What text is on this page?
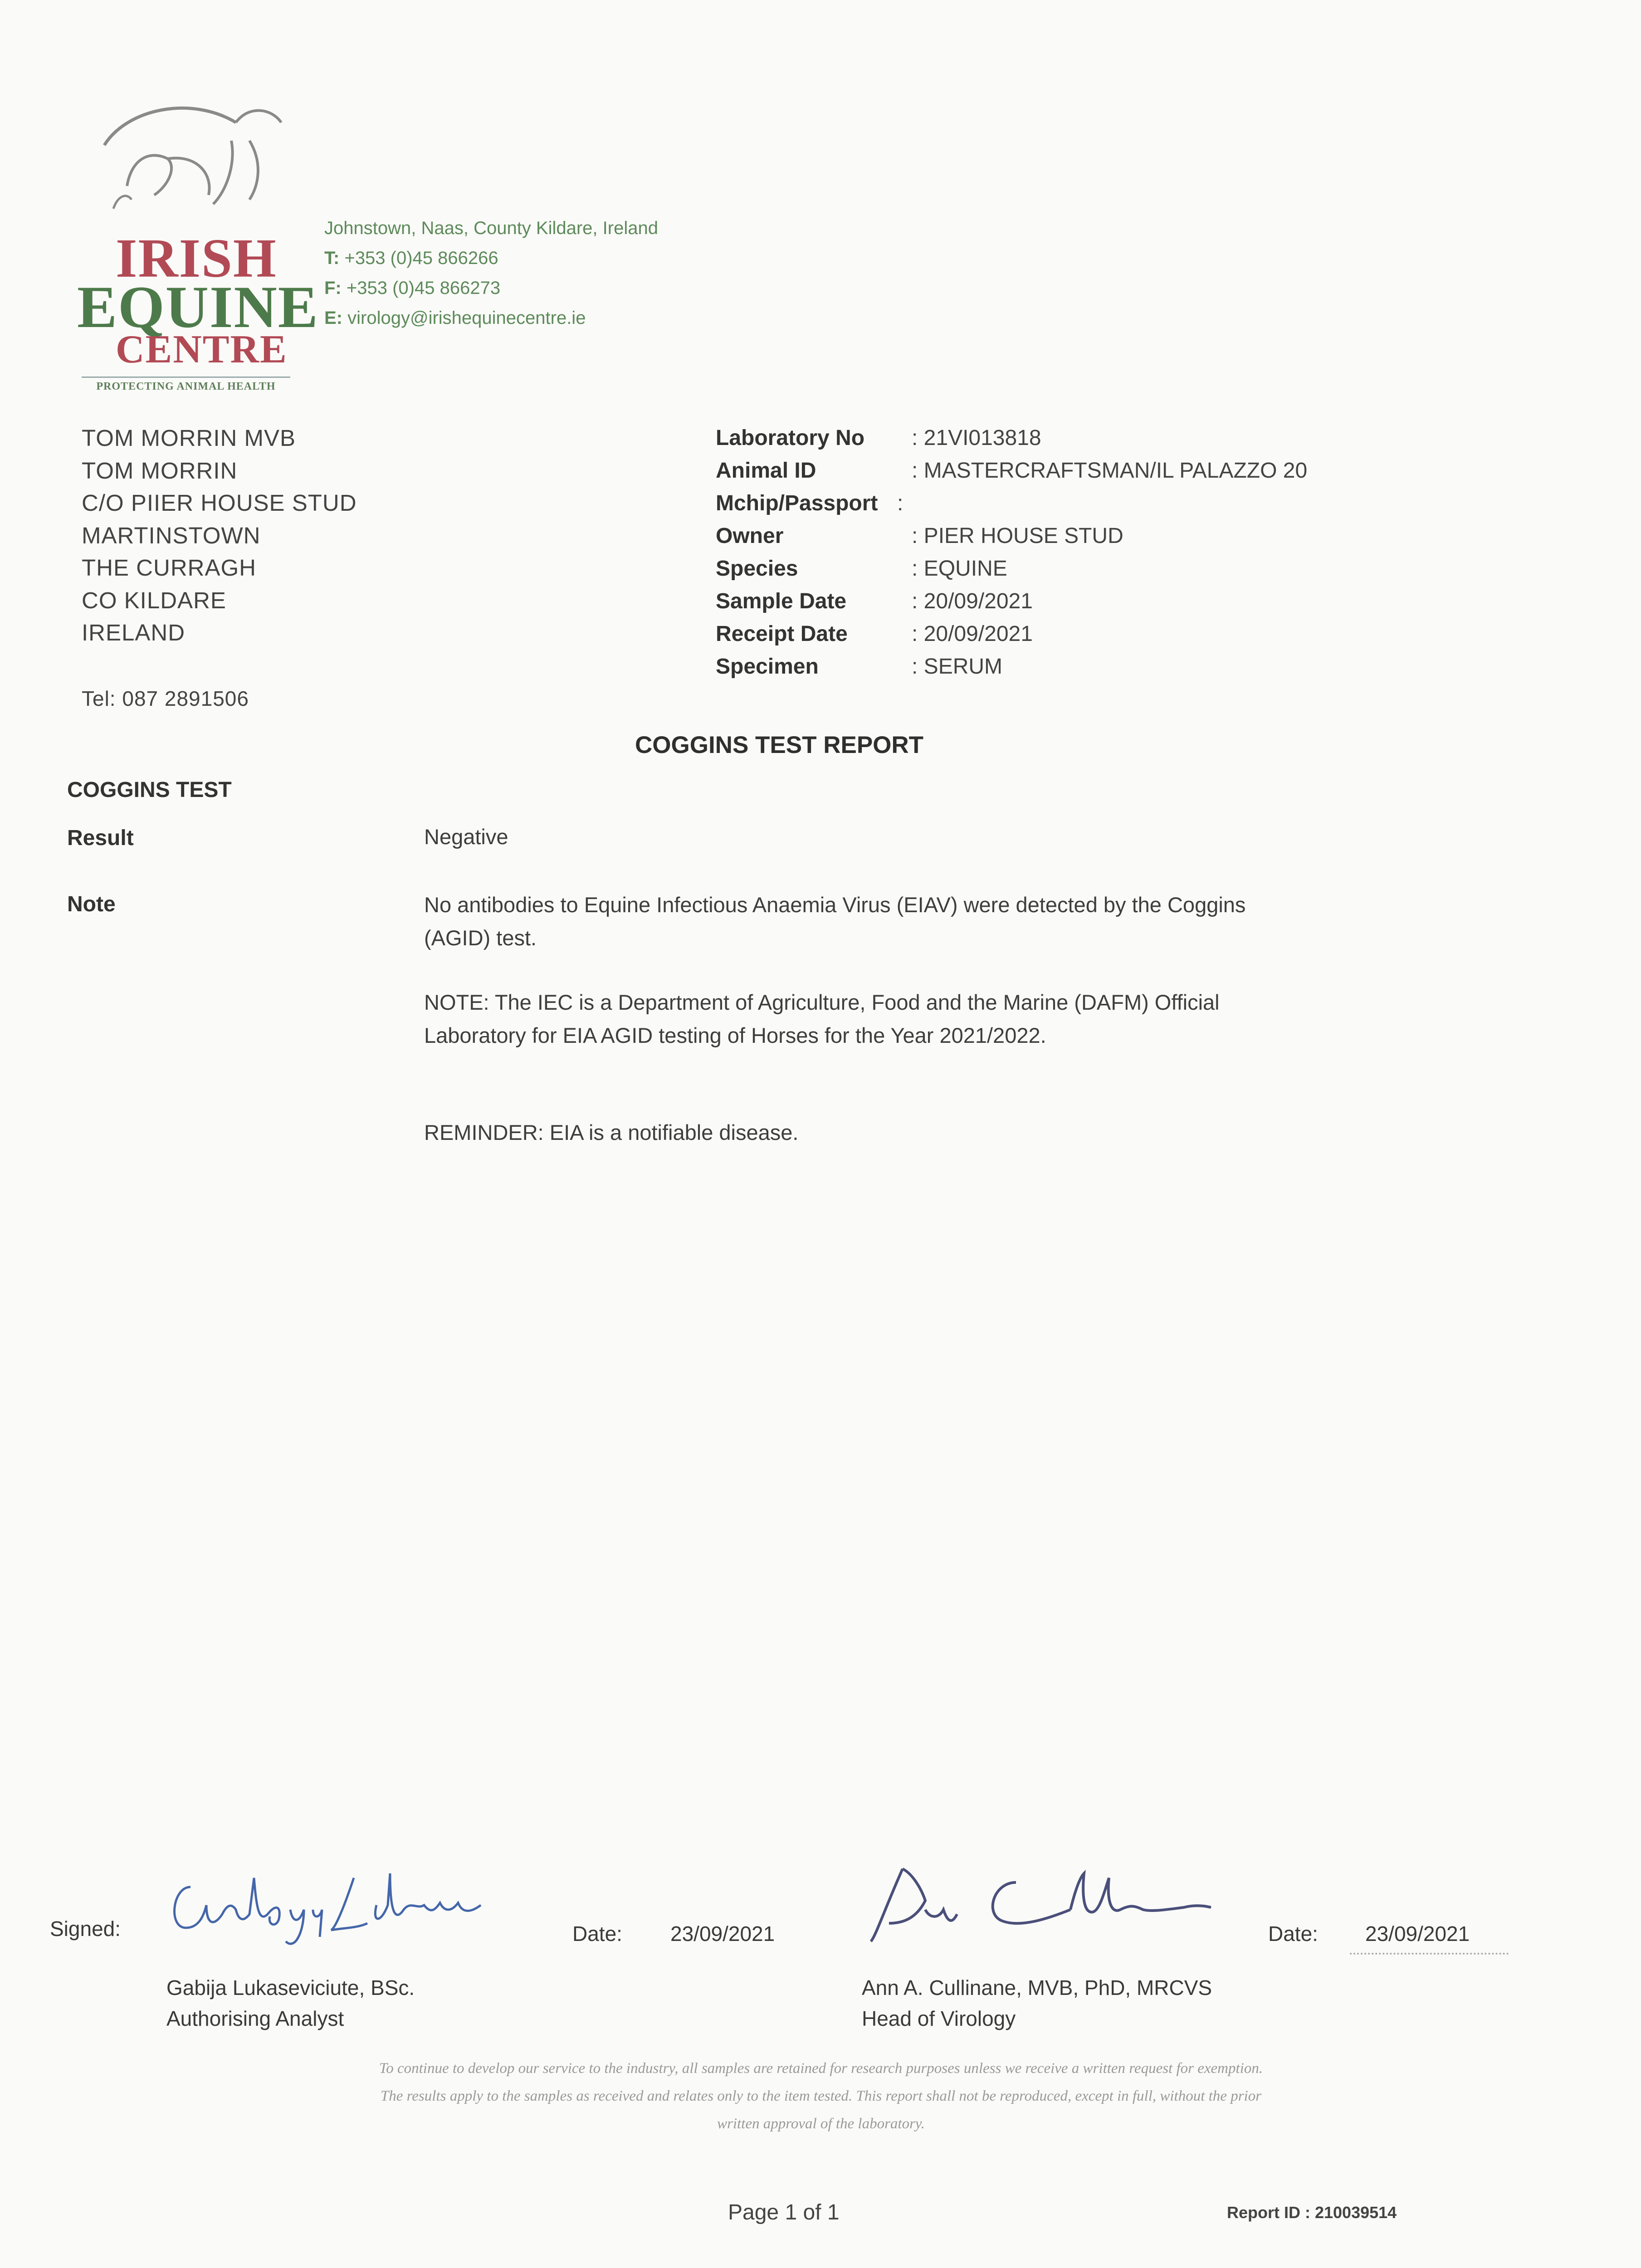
IRISH
EQUINE
CENTRE
PROTECTING ANIMAL HEALTH
Johnstown, Naas, County Kildare, Ireland
T: +353 (0)45 866266
F: +353 (0)45 866273
E: virology@irishequinecentre.ie
TOM MORRIN MVB
TOM MORRIN
C/O PIIER HOUSE STUD
MARTINSTOWN
THE CURRAGH
CO KILDARE
IRELAND
Tel: 087 2891506
Laboratory No : 21VI013818
Animal ID	: MASTERCRAFTSMAN/IL PALAZZO 20
Mchip/Passport :
Owner	: PIER HOUSE STUD
Species	: EQUINE
Sample Date	: 20/09/2021
Receipt Date	: 20/09/2021
Specimen	: SERUM
COGGINS TEST REPORT
COGGINS TEST
Result	Negative
Note	No antibodies to Equine Infectious Anaemia Virus (EIAV) were detected by the Coggins (AGID) test.
NOTE: The IEC is a Department of Agriculture, Food and the Marine (DAFM) Official Laboratory for EIA AGID testing of Horses for the Year 2021/2022.
REMINDER: EIA is a notifiable disease.
Signed:	Date: 23/09/2021	Date: 23/09/2021
Gabija Lukaseviciute, BSc.
Authorising Analyst
Ann A. Cullinane, MVB, PhD, MRCVS
Head of Virology
To continue to develop our service to the industry, all samples are retained for research purposes unless we receive a written request for exemption.
The results apply to the samples as received and relates only to the item tested. This report shall not be reproduced, except in full, without the prior
written approval of the laboratory.
Page 1 of 1	Report ID : 210039514
